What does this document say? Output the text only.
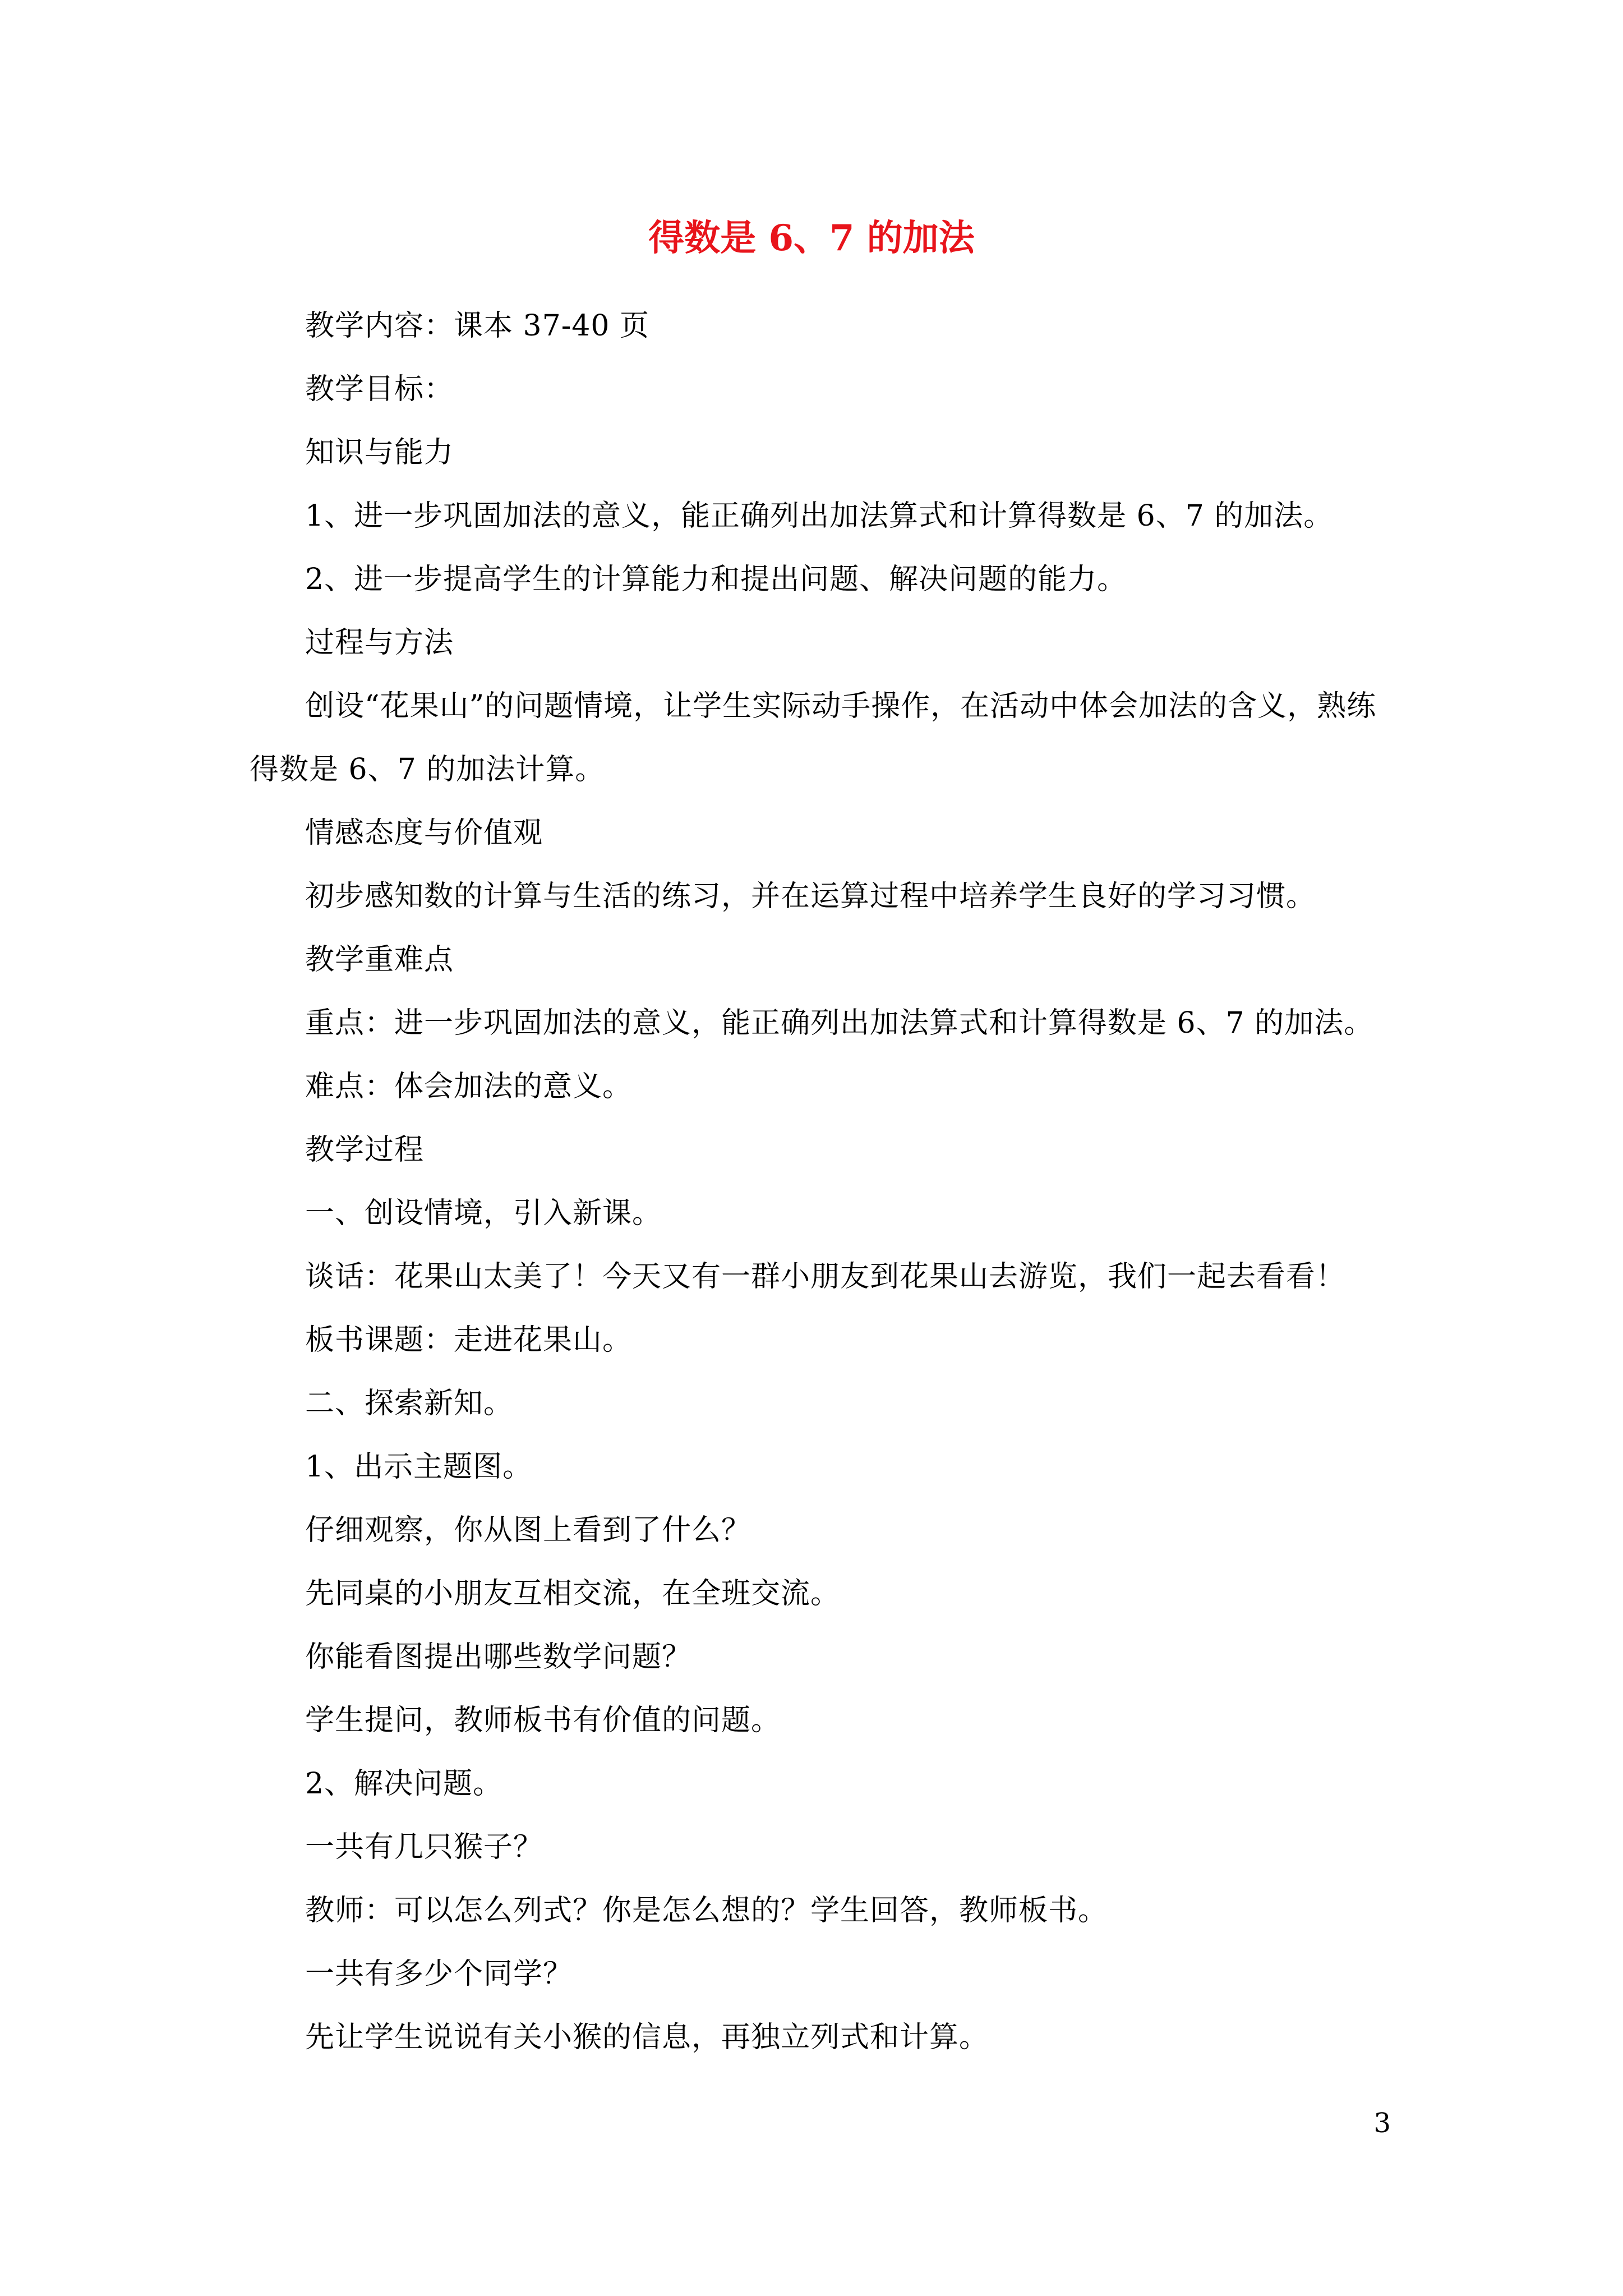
得数是 6、7 的加法

教学内容：课本 37-40 页

教学目标：

知识与能力

1、进一步巩固加法的意义，能正确列出加法算式和计算得数是 6、7 的加法。

2、进一步提高学生的计算能力和提出问题、解决问题的能力。

过程与方法

创设“花果山”的问题情境，让学生实际动手操作，在活动中体会加法的含义，熟练得数是 6、7 的加法计算。

情感态度与价值观

初步感知数的计算与生活的练习，并在运算过程中培养学生良好的学习习惯。

教学重难点

重点：进一步巩固加法的意义，能正确列出加法算式和计算得数是 6、7 的加法。

难点：体会加法的意义。

教学过程

一、创设情境，引入新课。

谈话：花果山太美了！今天又有一群小朋友到花果山去游览，我们一起去看看！

板书课题：走进花果山。

二、探索新知。

1、出示主题图。

仔细观察，你从图上看到了什么？

先同桌的小朋友互相交流，在全班交流。

你能看图提出哪些数学问题？

学生提问，教师板书有价值的问题。

2、解决问题。

一共有几只猴子？

教师：可以怎么列式？你是怎么想的？学生回答，教师板书。

一共有多少个同学？

先让学生说说有关小猴的信息，再独立列式和计算。

3
